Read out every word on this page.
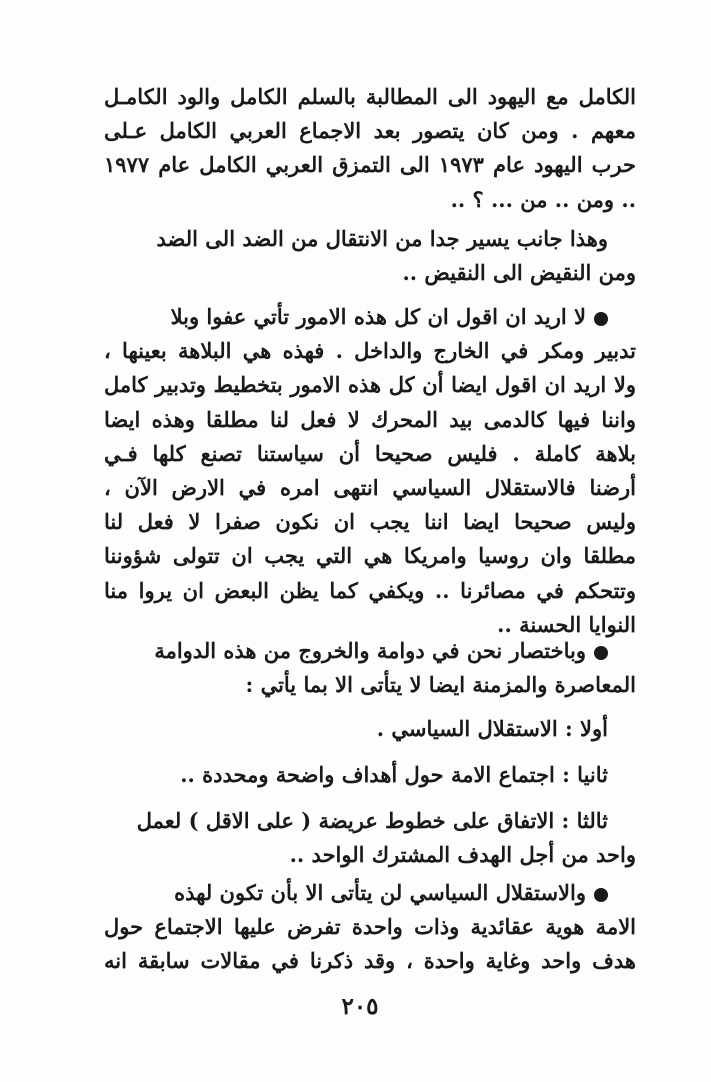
الكامل مع اليهود الى المطالبة بالسلم الكامل والود الكامـل
معهم . ومن كان يتصور بعد الاجماع العربي الكامل عـلى
حرب اليهود عام ١٩٧٣ الى التمزق العربي الكامل عام ١٩٧٧
.. ومن .. من ... ؟ ..
وهذا جانب يسير جدا من الانتقال من الضد الى الضد
ومن النقيض الى النقيض ..
لا اريد ان اقول ان كل هذه الامور تأتي عفوا وبلا
تدبير ومكر في الخارج والداخل . فهذه هي البلاهة بعينها ،
ولا اريد ان اقول ايضا أن كل هذه الامور بتخطيط وتدبير كامل
واننا فيها كالدمى بيد المحرك لا فعل لنا مطلقا وهذه ايضا
بلاهة كاملة . فليس صحيحا أن سياستنا تصنع كلها فـي
أرضنا فالاستقلال السياسي انتهى امره في الارض الآن ،
وليس صحيحا ايضا اننا يجب ان نكون صفرا لا فعل لنا
مطلقا وان روسيا وامريكا هي التي يجب ان تتولى شؤوننا
وتتحكم في مصائرنا .. ويكفي كما يظن البعض ان يروا منا
النوايا الحسنة ..
وباختصار نحن في دوامة والخروج من هذه الدوامة
المعاصرة والمزمنة ايضا لا يتأتى الا بما يأتي :
أولا : الاستقلال السياسي .
ثانيا : اجتماع الامة حول أهداف واضحة ومحددة ..
ثالثا : الاتفاق على خطوط عريضة ( على الاقل ) لعمل
واحد من أجل الهدف المشترك الواحد ..
والاستقلال السياسي لن يتأتى الا بأن تكون لهذه
الامة هوية عقائدية وذات واحدة تفرض عليها الاجتماع حول
هدف واحد وغاية واحدة ، وقد ذكرنا في مقالات سابقة انه
٢٠٥
